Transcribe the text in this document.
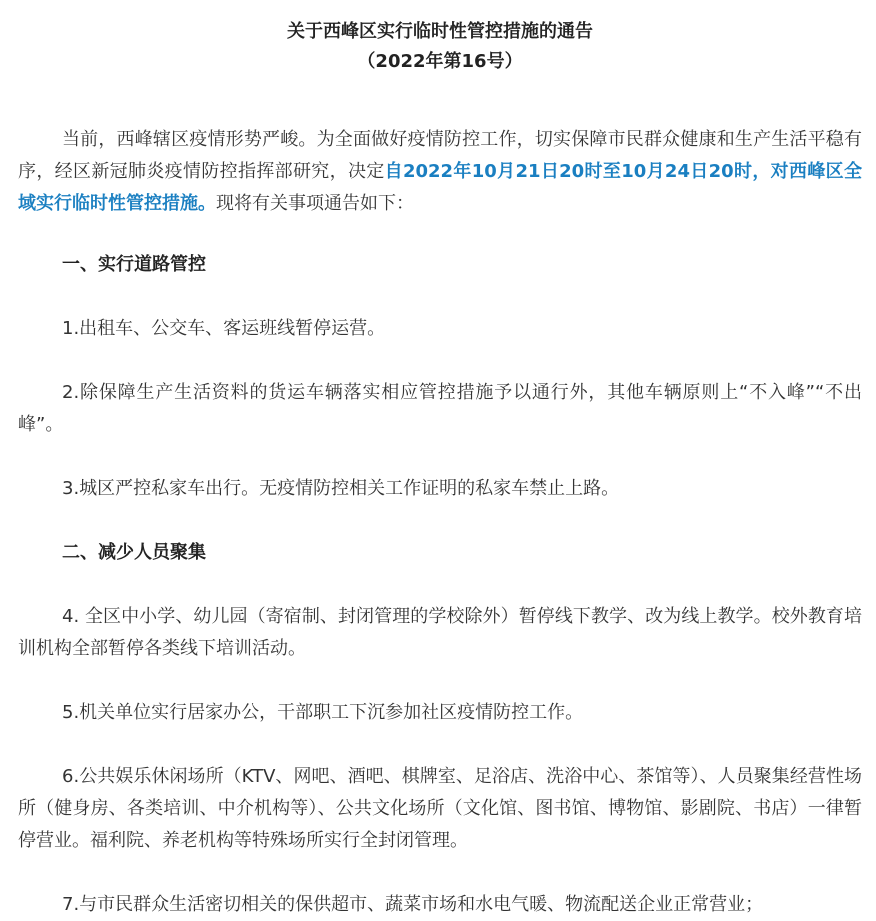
关于西峰区实行临时性管控措施的通告
（2022年第16号）

当前，西峰辖区疫情形势严峻。为全面做好疫情防控工作，切实保障市民群众健康和生产生活平稳有序，经区新冠肺炎疫情防控指挥部研究，决定自2022年10月21日20时至10月24日20时，对西峰区全域实行临时性管控措施。现将有关事项通告如下：

一、实行道路管控

1.出租车、公交车、客运班线暂停运营。

2.除保障生产生活资料的货运车辆落实相应管控措施予以通行外，其他车辆原则上“不入峰”“不出峰”。

3.城区严控私家车出行。无疫情防控相关工作证明的私家车禁止上路。

二、减少人员聚集

4. 全区中小学、幼儿园（寄宿制、封闭管理的学校除外）暂停线下教学、改为线上教学。校外教育培训机构全部暂停各类线下培训活动。

5.机关单位实行居家办公，干部职工下沉参加社区疫情防控工作。

6.公共娱乐休闲场所（KTV、网吧、酒吧、棋牌室、足浴店、洗浴中心、茶馆等）、人员聚集经营性场所（健身房、各类培训、中介机构等）、公共文化场所（文化馆、图书馆、博物馆、影剧院、书店）一律暂停营业。福利院、养老机构等特殊场所实行全封闭管理。

7.与市民群众生活密切相关的保供超市、蔬菜市场和水电气暖、物流配送企业正常营业；
